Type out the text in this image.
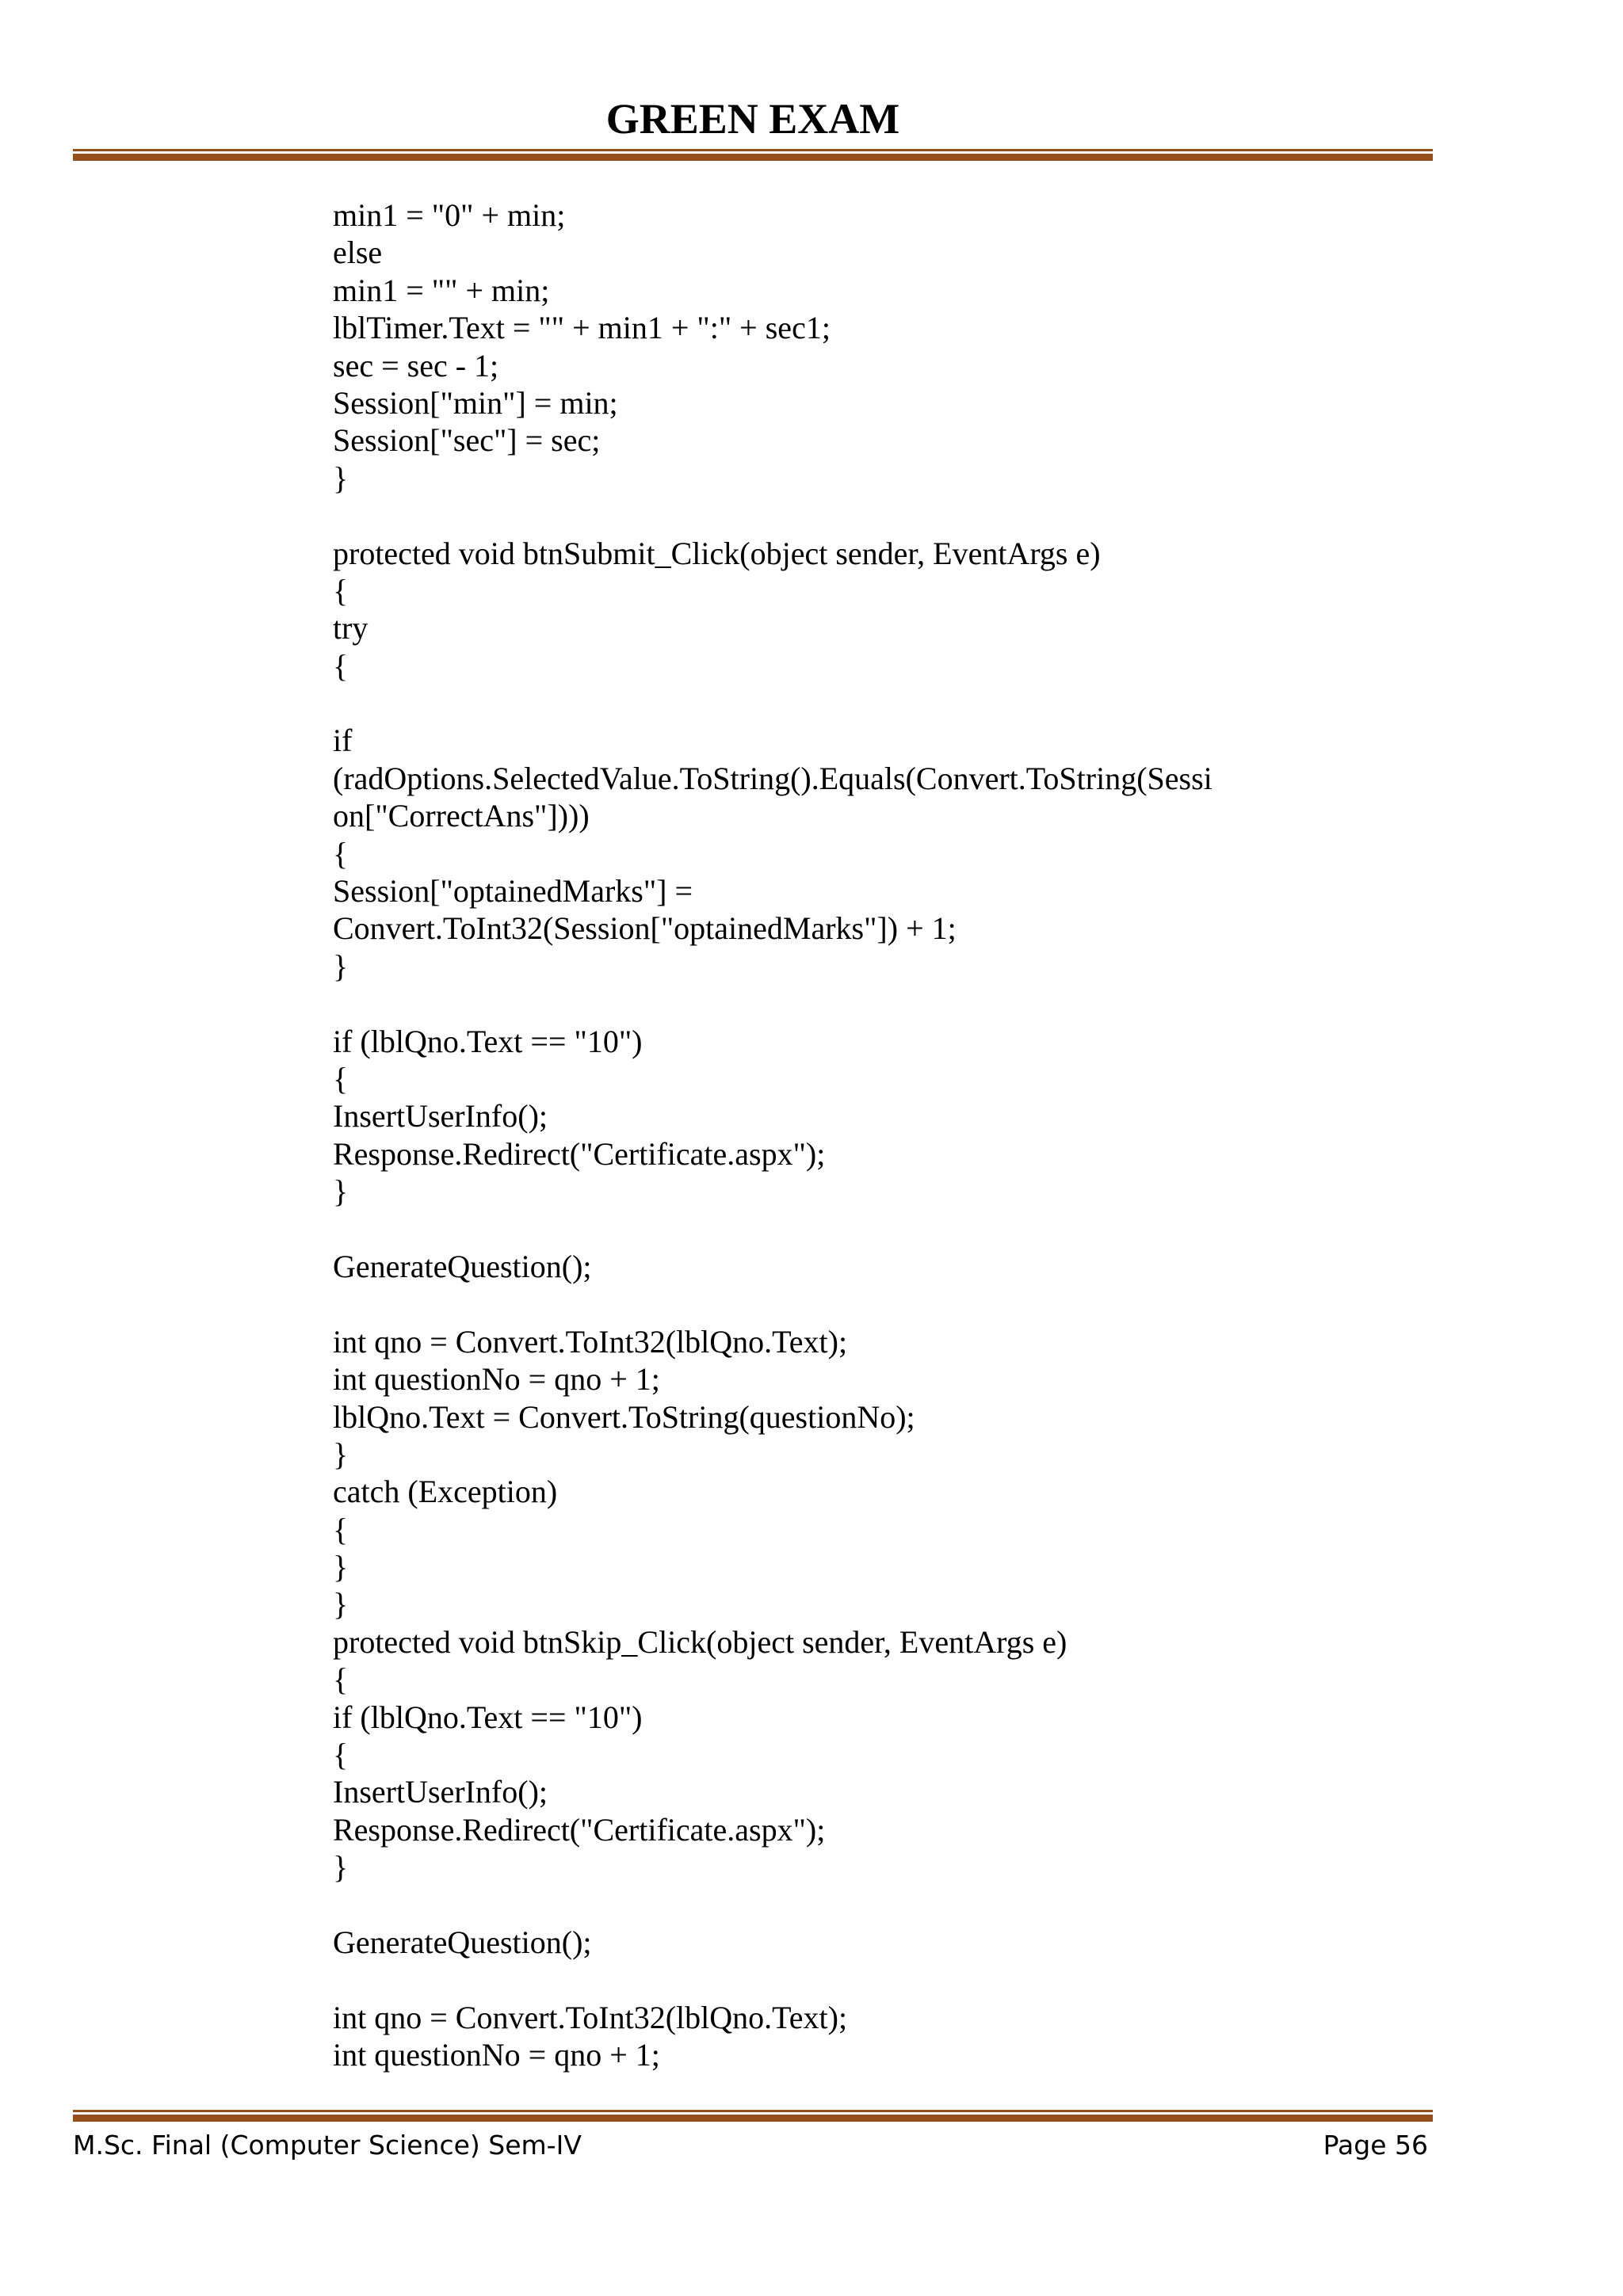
GREEN EXAM
min1 = "0" + min;
else
min1 = "" + min;
lblTimer.Text = "" + min1 + ":" + sec1;
sec = sec - 1;
Session["min"] = min;
Session["sec"] = sec;
}
protected void btnSubmit_Click(object sender, EventArgs e)
{
try
{
if
(radOptions.SelectedValue.ToString().Equals(Convert.ToString(Sessi
on["CorrectAns"])))
{
Session["optainedMarks"] =
Convert.ToInt32(Session["optainedMarks"]) + 1;
}
if (lblQno.Text == "10")
{
InsertUserInfo();
Response.Redirect("Certificate.aspx");
}
GenerateQuestion();
int qno = Convert.ToInt32(lblQno.Text);
int questionNo = qno + 1;
lblQno.Text = Convert.ToString(questionNo);
}
catch (Exception)
{
}
}
protected void btnSkip_Click(object sender, EventArgs e)
{
if (lblQno.Text == "10")
{
InsertUserInfo();
Response.Redirect("Certificate.aspx");
}
GenerateQuestion();
int qno = Convert.ToInt32(lblQno.Text);
int questionNo = qno + 1;
M.Sc. Final (Computer Science) Sem-IV	Page 56
